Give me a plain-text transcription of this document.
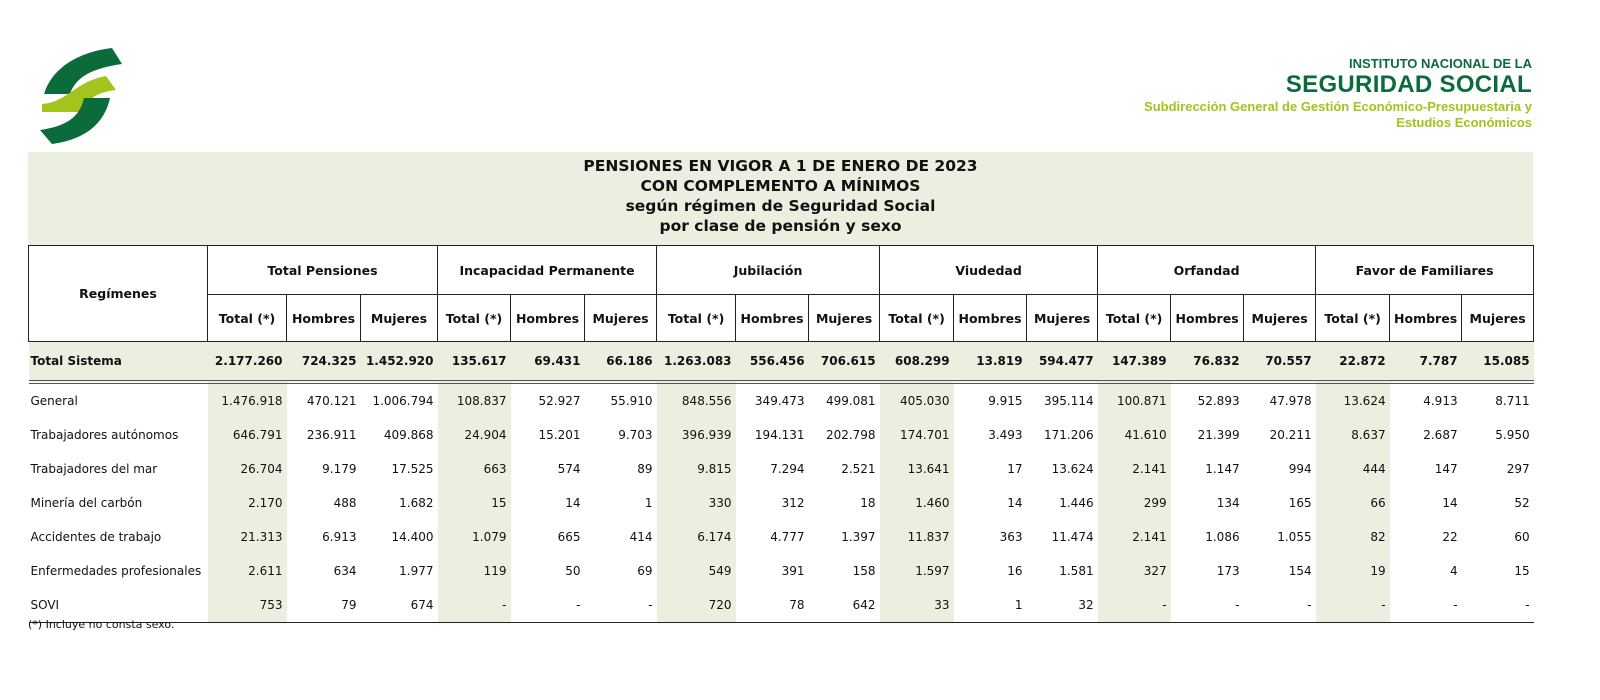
INSTITUTO NACIONAL DE LA
SEGURIDAD SOCIAL
Subdirección General de Gestión Económico-Presupuestaria y
Estudios Económicos
PENSIONES EN VIGOR A 1 DE ENERO DE 2023
CON COMPLEMENTO A MÍNIMOS
según régimen de Seguridad Social
por clase de pensión y sexo
Regímenes	Total Pensiones			Incapacidad Permanente			Jubilación			Viudedad			Orfandad			Favor de Familiares		
	Total (*)	Hombres	Mujeres	Total (*)	Hombres	Mujeres	Total (*)	Hombres	Mujeres	Total (*)	Hombres	Mujeres	Total (*)	Hombres	Mujeres	Total (*)	Hombres	Mujeres
Total Sistema	2.177.260	724.325	1.452.920	135.617	69.431	66.186	1.263.083	556.456	706.615	608.299	13.819	594.477	147.389	76.832	70.557	22.872	7.787	15.085
General	1.476.918	470.121	1.006.794	108.837	52.927	55.910	848.556	349.473	499.081	405.030	9.915	395.114	100.871	52.893	47.978	13.624	4.913	8.711
Trabajadores autónomos	646.791	236.911	409.868	24.904	15.201	9.703	396.939	194.131	202.798	174.701	3.493	171.206	41.610	21.399	20.211	8.637	2.687	5.950
Trabajadores del mar	26.704	9.179	17.525	663	574	89	9.815	7.294	2.521	13.641	17	13.624	2.141	1.147	994	444	147	297
Minería del carbón	2.170	488	1.682	15	14	1	330	312	18	1.460	14	1.446	299	134	165	66	14	52
Accidentes de trabajo	21.313	6.913	14.400	1.079	665	414	6.174	4.777	1.397	11.837	363	11.474	2.141	1.086	1.055	82	22	60
Enfermedades profesionales	2.611	634	1.977	119	50	69	549	391	158	1.597	16	1.581	327	173	154	19	4	15
SOVI	753	79	674	-	-	-	720	78	642	33	1	32	-	-	-	-	-	-
(*) Incluye no consta sexo.
